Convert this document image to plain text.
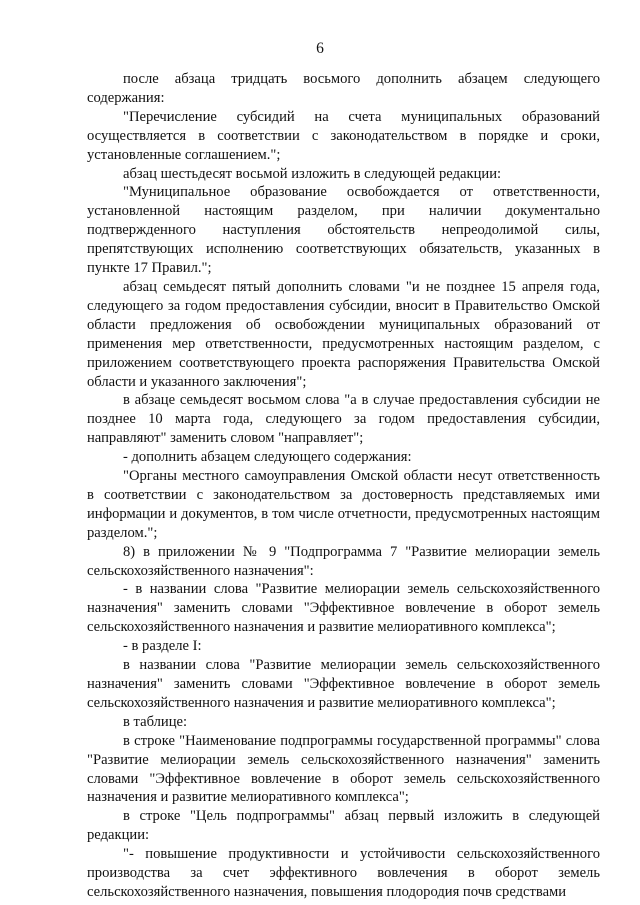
6

после абзаца тридцать восьмого дополнить абзацем следующего содержания:

"Перечисление субсидий на счета муниципальных образований осуществляется в соответствии с законодательством в порядке и сроки, установленные соглашением.";

абзац шестьдесят восьмой изложить в следующей редакции:

"Муниципальное образование освобождается от ответственности, установленной настоящим разделом, при наличии документально подтвержденного наступления обстоятельств непреодолимой силы, препятствующих исполнению соответствующих обязательств, указанных в пункте 17 Правил.";

абзац семьдесят пятый дополнить словами "и не позднее 15 апреля года, следующего за годом предоставления субсидии, вносит в Правительство Омской области предложения об освобождении муниципальных образований от применения мер ответственности, предусмотренных настоящим разделом, с приложением соответствующего проекта распоряжения Правительства Омской области и указанного заключения";

в абзаце семьдесят восьмом слова "а в случае предоставления субсидии не позднее 10 марта года, следующего за годом предоставления субсидии, направляют" заменить словом "направляет";

- дополнить абзацем следующего содержания:

"Органы местного самоуправления Омской области несут ответственность в соответствии с законодательством за достоверность представляемых ими информации и документов, в том числе отчетности, предусмотренных настоящим разделом.";

8) в приложении № 9 "Подпрограмма 7 "Развитие мелиорации земель сельскохозяйственного назначения":

- в названии слова "Развитие мелиорации земель сельскохозяйственного назначения" заменить словами "Эффективное вовлечение в оборот земель сельскохозяйственного назначения и развитие мелиоративного комплекса";

- в разделе I:

в названии слова "Развитие мелиорации земель сельскохозяйственного назначения" заменить словами "Эффективное вовлечение в оборот земель сельскохозяйственного назначения и развитие мелиоративного комплекса";

в таблице:

в строке "Наименование подпрограммы государственной программы" слова "Развитие мелиорации земель сельскохозяйственного назначения" заменить словами "Эффективное вовлечение в оборот земель сельскохозяйственного назначения и развитие мелиоративного комплекса";

в строке "Цель подпрограммы" абзац первый изложить в следующей редакции:

"- повышение продуктивности и устойчивости сельскохозяйственного производства за счет эффективного вовлечения в оборот земель сельскохозяйственного назначения, повышения плодородия почв средствами
